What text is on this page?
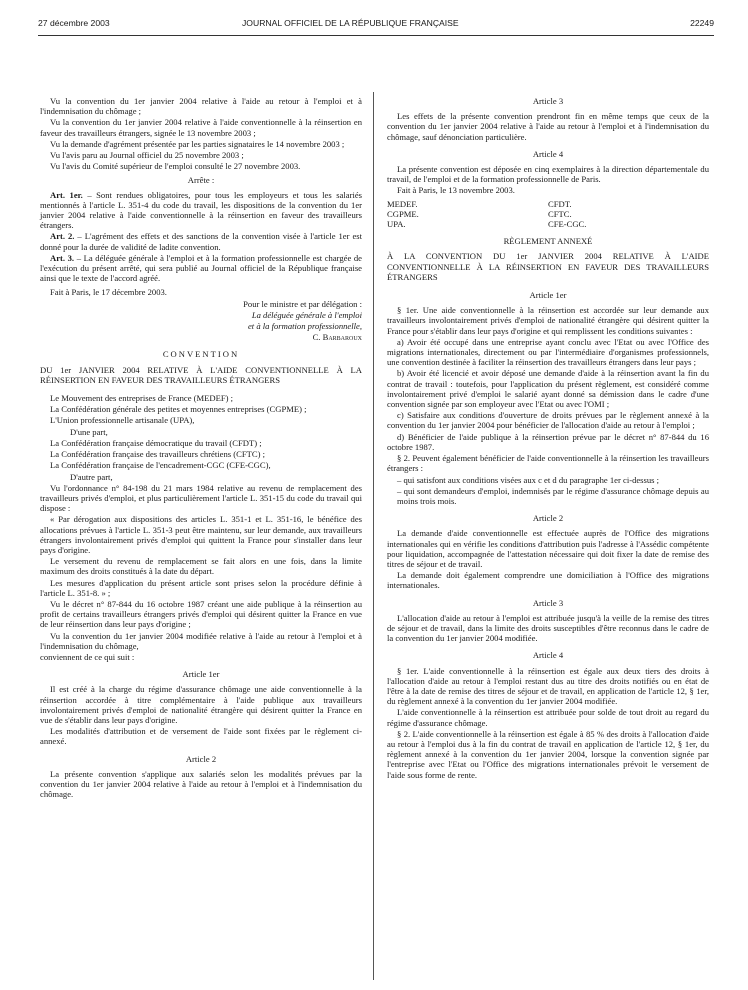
27 décembre 2003	JOURNAL OFFICIEL DE LA RÉPUBLIQUE FRANÇAISE	22249

Vu la convention du 1er janvier 2004 relative à l'aide au retour à l'emploi et à l'indemnisation du chômage ;

Vu la convention du 1er janvier 2004 relative à l'aide conventionnelle à la réinsertion en faveur des travailleurs étrangers, signée le 13 novembre 2003 ;

Vu la demande d'agrément présentée par les parties signataires le 14 novembre 2003 ;

Vu l'avis paru au Journal officiel du 25 novembre 2003 ;

Vu l'avis du Comité supérieur de l'emploi consulté le 27 novembre 2003.

Arrête :

Art. 1er. – Sont rendues obligatoires, pour tous les employeurs et tous les salariés mentionnés à l'article L. 351-4 du code du travail, les dispositions de la convention du 1er janvier 2004 relative à l'aide conventionnelle à la réinsertion en faveur des travailleurs étrangers.

Art. 2. – L'agrément des effets et des sanctions de la convention visée à l'article 1er est donné pour la durée de validité de ladite convention.

Art. 3. – La déléguée générale à l'emploi et à la formation professionnelle est chargée de l'exécution du présent arrêté, qui sera publié au Journal officiel de la République française ainsi que le texte de l'accord agréé.

Fait à Paris, le 17 décembre 2003.

Pour le ministre et par délégation :

La déléguée générale à l'emploi

et à la formation professionnelle,

C. Barbaroux

CONVENTION

DU 1er JANVIER 2004 RELATIVE À L'AIDE CONVENTIONNELLE À LA RÉINSERTION EN FAVEUR DES TRAVAILLEURS ÉTRANGERS

Le Mouvement des entreprises de France (MEDEF) ;

La Confédération générale des petites et moyennes entreprises (CGPME) ;

L'Union professionnelle artisanale (UPA),

D'une part,

La Confédération française démocratique du travail (CFDT) ;

La Confédération française des travailleurs chrétiens (CFTC) ;

La Confédération française de l'encadrement-CGC (CFE-CGC),

D'autre part,

Vu l'ordonnance n° 84-198 du 21 mars 1984 relative au revenu de remplacement des travailleurs privés d'emploi, et plus particulièrement l'article L. 351-15 du code du travail qui dispose :

« Par dérogation aux dispositions des articles L. 351-1 et L. 351-16, le bénéfice des allocations prévues à l'article L. 351-3 peut être maintenu, sur leur demande, aux travailleurs étrangers involontairement privés d'emploi qui quittent la France pour s'installer dans leur pays d'origine.

Le versement du revenu de remplacement se fait alors en une fois, dans la limite maximum des droits constitués à la date du départ.

Les mesures d'application du présent article sont prises selon la procédure définie à l'article L. 351-8. » ;

Vu le décret n° 87-844 du 16 octobre 1987 créant une aide publique à la réinsertion au profit de certains travailleurs étrangers privés d'emploi qui désirent quitter la France en vue de leur réinsertion dans leur pays d'origine ;

Vu la convention du 1er janvier 2004 modifiée relative à l'aide au retour à l'emploi et à l'indemnisation du chômage,

conviennent de ce qui suit :

Article 1er

Il est créé à la charge du régime d'assurance chômage une aide conventionnelle à la réinsertion accordée à titre complémentaire à l'aide publique aux travailleurs involontairement privés d'emploi de nationalité étrangère qui désirent quitter la France en vue de s'établir dans leur pays d'origine.

Les modalités d'attribution et de versement de l'aide sont fixées par le règlement ci-annexé.

Article 2

La présente convention s'applique aux salariés selon les modalités prévues par la convention du 1er janvier 2004 relative à l'aide au retour à l'emploi et à l'indemnisation du chômage.

Article 3

Les effets de la présente convention prendront fin en même temps que ceux de la convention du 1er janvier 2004 relative à l'aide au retour à l'emploi et à l'indemnisation du chômage, sauf dénonciation particulière.

Article 4

La présente convention est déposée en cinq exemplaires à la direction départementale du travail, de l'emploi et de la formation professionnelle de Paris.

Fait à Paris, le 13 novembre 2003.

MEDEF.	CFDT.
CGPME.	CFTC.
UPA.	CFE-CGC.

RÈGLEMENT ANNEXÉ

À LA CONVENTION DU 1er JANVIER 2004 RELATIVE À L'AIDE CONVENTIONNELLE À LA RÉINSERTION EN FAVEUR DES TRAVAILLEURS ÉTRANGERS

Article 1er

§ 1er. Une aide conventionnelle à la réinsertion est accordée sur leur demande aux travailleurs involontairement privés d'emploi de nationalité étrangère qui désirent quitter la France pour s'établir dans leur pays d'origine et qui remplissent les conditions suivantes :

a) Avoir été occupé dans une entreprise ayant conclu avec l'Etat ou avec l'Office des migrations internationales, directement ou par l'intermédiaire d'organismes professionnels, une convention destinée à faciliter la réinsertion des travailleurs étrangers dans leur pays ;

b) Avoir été licencié et avoir déposé une demande d'aide à la réinsertion avant la fin du contrat de travail : toutefois, pour l'application du présent règlement, est considéré comme involontairement privé d'emploi le salarié ayant donné sa démission dans le cadre d'une convention signée par son employeur avec l'Etat ou avec l'OMI ;

c) Satisfaire aux conditions d'ouverture de droits prévues par le règlement annexé à la convention du 1er janvier 2004 pour bénéficier de l'allocation d'aide au retour à l'emploi ;

d) Bénéficier de l'aide publique à la réinsertion prévue par le décret n° 87-844 du 16 octobre 1987.

§ 2. Peuvent également bénéficier de l'aide conventionnelle à la réinsertion les travailleurs étrangers :

– qui satisfont aux conditions visées aux c et d du paragraphe 1er ci-dessus ;

– qui sont demandeurs d'emploi, indemnisés par le régime d'assurance chômage depuis au moins trois mois.

Article 2

La demande d'aide conventionnelle est effectuée auprès de l'Office des migrations internationales qui en vérifie les conditions d'attribution puis l'adresse à l'Assédic compétente pour liquidation, accompagnée de l'attestation nécessaire qui doit fixer la date de remise des titres de séjour et de travail.

La demande doit également comprendre une domiciliation à l'Office des migrations internationales.

Article 3

L'allocation d'aide au retour à l'emploi est attribuée jusqu'à la veille de la remise des titres de séjour et de travail, dans la limite des droits susceptibles d'être reconnus dans le cadre de la convention du 1er janvier 2004 modifiée.

Article 4

§ 1er. L'aide conventionnelle à la réinsertion est égale aux deux tiers des droits à l'allocation d'aide au retour à l'emploi restant dus au titre des droits notifiés ou en état de l'être à la date de remise des titres de séjour et de travail, en application de l'article 12, § 1er, du règlement annexé à la convention du 1er janvier 2004 modifiée.

L'aide conventionnelle à la réinsertion est attribuée pour solde de tout droit au regard du régime d'assurance chômage.

§ 2. L'aide conventionnelle à la réinsertion est égale à 85 % des droits à l'allocation d'aide au retour à l'emploi dus à la fin du contrat de travail en application de l'article 12, § 1er, du règlement annexé à la convention du 1er janvier 2004, lorsque la convention signée par l'entreprise avec l'Etat ou l'Office des migrations internationales prévoit le versement de l'aide sous forme de rente.
